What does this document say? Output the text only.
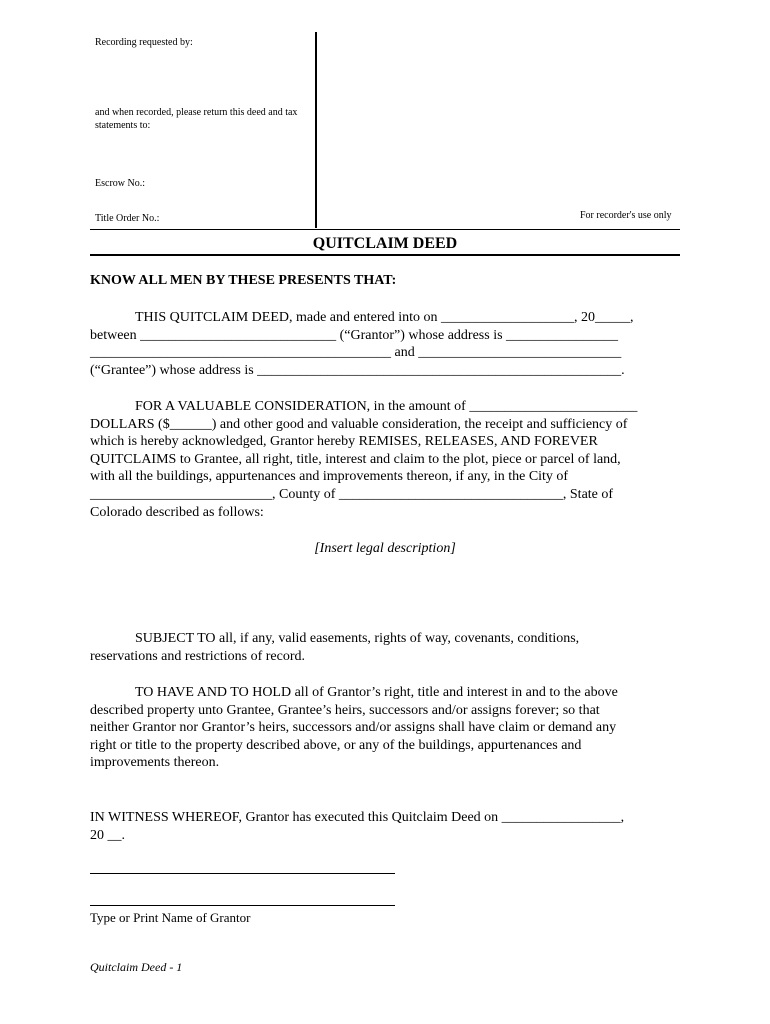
Recording requested by:
and when recorded, please return this deed and tax
statements to:
Escrow No.:
Title Order No.:	For recorder's use only
QUITCLAIM DEED
KNOW ALL MEN BY THESE PRESENTS THAT:
THIS QUITCLAIM DEED, made and entered into on ___________________, 20_____,
between ____________________________ (“Grantor”) whose address is ________________
___________________________________________ and _____________________________
(“Grantee”) whose address is ____________________________________________________.
FOR A VALUABLE CONSIDERATION, in the amount of ________________________
DOLLARS ($______) and other good and valuable consideration, the receipt and sufficiency of
which is hereby acknowledged, Grantor hereby REMISES, RELEASES, AND FOREVER
QUITCLAIMS to Grantee, all right, title, interest and claim to the plot, piece or parcel of land,
with all the buildings, appurtenances and improvements thereon, if any, in the City of
__________________________, County of ________________________________, State of
Colorado described as follows:
[Insert legal description]
SUBJECT TO all, if any, valid easements, rights of way, covenants, conditions,
reservations and restrictions of record.
TO HAVE AND TO HOLD all of Grantor’s right, title and interest in and to the above
described property unto Grantee, Grantee’s heirs, successors and/or assigns forever; so that
neither Grantor nor Grantor’s heirs, successors and/or assigns shall have claim or demand any
right or title to the property described above, or any of the buildings, appurtenances and
improvements thereon.
IN WITNESS WHEREOF, Grantor has executed this Quitclaim Deed on _________________,
20 __.
Type or Print Name of Grantor
Quitclaim Deed - 1
